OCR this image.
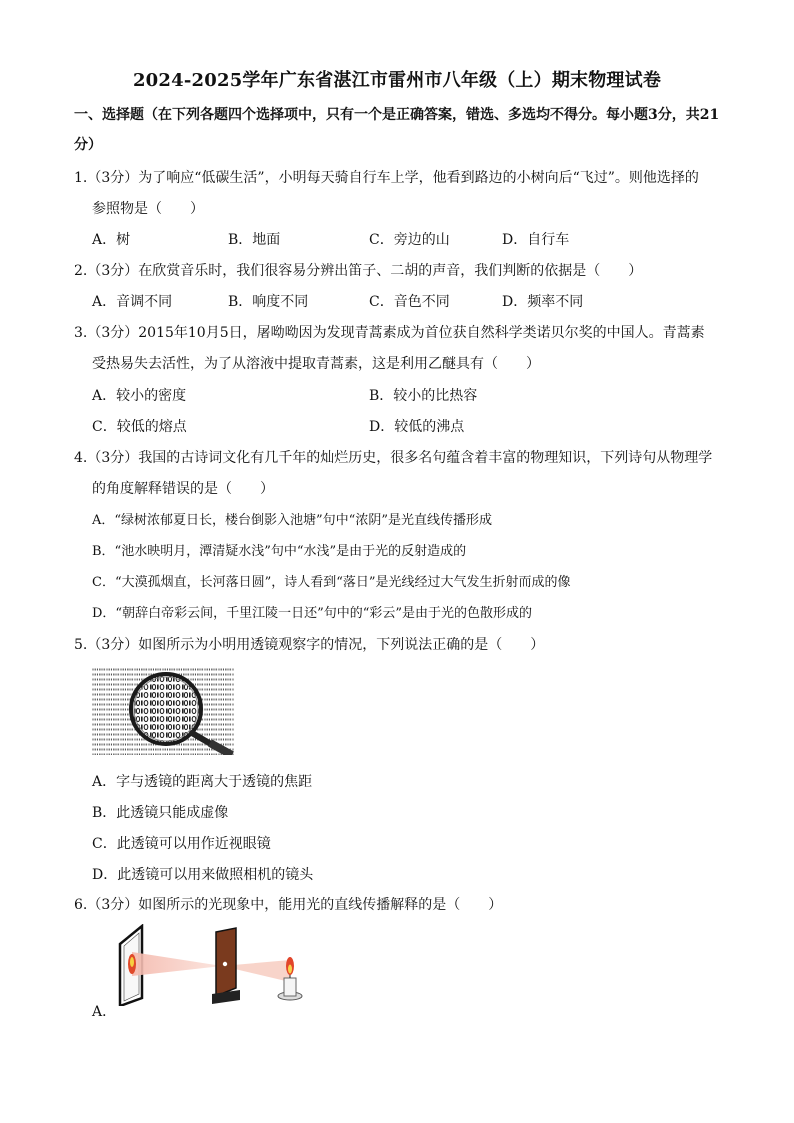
2024-2025学年广东省湛江市雷州市八年级（上）期末物理试卷
一、选择题（在下列各题四个选择项中，只有一个是正确答案，错选、多选均不得分。每小题3分，共21
分）
1.（3分）为了响应“低碳生活”，小明每天骑自行车上学，他看到路边的小树向后“飞过”。则他选择的
参照物是（　　）
A．树	B．地面	C．旁边的山	D．自行车
2.（3分）在欣赏音乐时，我们很容易分辨出笛子、二胡的声音，我们判断的依据是（　　）
A．音调不同	B．响度不同	C．音色不同	D．频率不同
3.（3分）2015年10月5日，屠呦呦因为发现青蒿素成为首位获自然科学类诺贝尔奖的中国人。青蒿素
受热易失去活性，为了从溶液中提取青蒿素，这是利用乙醚具有（　　）
A．较小的密度	B．较小的比热容
C．较低的熔点	D．较低的沸点
4.（3分）我国的古诗词文化有几千年的灿烂历史，很多名句蕴含着丰富的物理知识，下列诗句从物理学
的角度解释错误的是（　　）
A．“绿树浓郁夏日长，楼台倒影入池塘”句中“浓阴”是光直线传播形成
B．“池水映明月，潭清疑水浅”句中“水浅”是由于光的反射造成的
C．“大漠孤烟直，长河落日圆”，诗人看到“落日”是光线经过大气发生折射而成的像
D．“朝辞白帝彩云间，千里江陵一日还”句中的“彩云”是由于光的色散形成的
5.（3分）如图所示为小明用透镜观察字的情况，下列说法正确的是（　　）
A．字与透镜的距离大于透镜的焦距
B．此透镜只能成虚像
C．此透镜可以用作近视眼镜
D．此透镜可以用来做照相机的镜头
6.（3分）如图所示的光现象中，能用光的直线传播解释的是（　　）
A．
